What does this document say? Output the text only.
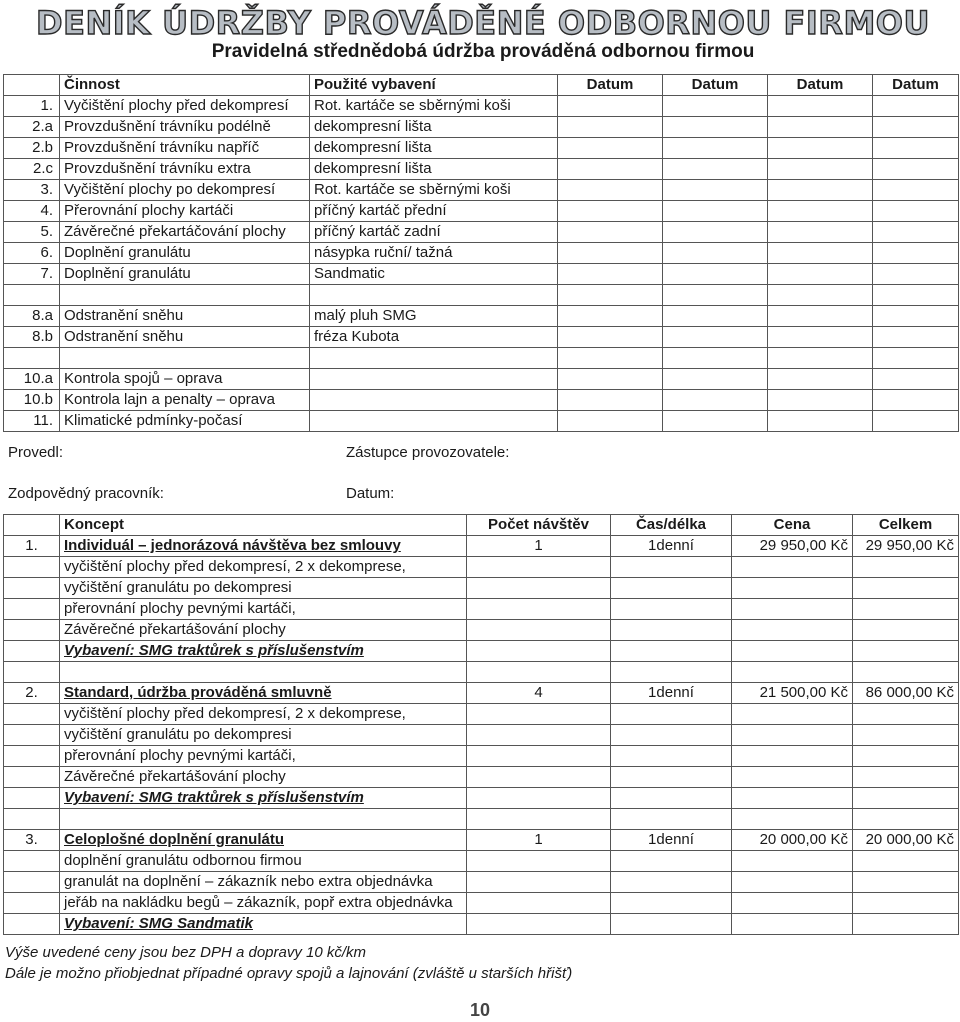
DENÍK ÚDRŽBY PROVÁDĚNÉ ODBORNOU FIRMOU
Pravidelná střednědobá údržba prováděná odbornou firmou
	Činnost	Použité vybavení	Datum	Datum	Datum	Datum
1.	Vyčištění plochy před dekompresí	Rot. kartáče se sběrnými koši				
2.a	Provzdušnění trávníku podélně	dekompresní lišta				
2.b	Provzdušnění trávníku napříč	dekompresní lišta				
2.c	Provzdušnění trávníku extra	dekompresní lišta				
3.	Vyčištění plochy po dekompresí	Rot. kartáče se sběrnými koši				
4.	Přerovnání plochy kartáči	příčný kartáč přední				
5.	Závěrečné překartáčování plochy	příčný kartáč zadní				
6.	Doplnění granulátu	násypka ruční/ tažná				
7.	Doplnění granulátu	Sandmatic				

8.a	Odstranění sněhu	malý pluh SMG				
8.b	Odstranění sněhu	fréza Kubota				

10.a	Kontrola spojů – oprava					
10.b	Kontrola lajn a penalty – oprava					
11.	Klimatické pdmínky-počasí					
Provedl:	Zástupce provozovatele:
Zodpovědný pracovník:	Datum:
	Koncept	Počet návštěv	Čas/délka	Cena	Celkem
1.	Individuál – jednorázová návštěva bez smlouvy	1	1denní	29 950,00 Kč	29 950,00 Kč
	vyčištění plochy před dekompresí, 2 x dekomprese,				
	vyčištění granulátu po dekompresi				
	přerovnání plochy pevnými kartáči,				
	Závěrečné překartášování plochy				
	Vybavení: SMG traktůrek s příslušenstvím				

2.	Standard, údržba prováděná smluvně	4	1denní	21 500,00 Kč	86 000,00 Kč
	vyčištění plochy před dekompresí, 2 x dekomprese,				
	vyčištění granulátu po dekompresi				
	přerovnání plochy pevnými kartáči,				
	Závěrečné překartášování plochy				
	Vybavení: SMG traktůrek s příslušenstvím				

3.	Celoplošné doplnění granulátu	1	1denní	20 000,00 Kč	20 000,00 Kč
	doplnění granulátu odbornou firmou				
	granulát na doplnění – zákazník nebo extra objednávka				
	jeřáb na nakládku begů – zákazník, popř extra objednávka				
	Vybavení: SMG Sandmatik				
Výše uvedené ceny jsou bez DPH a dopravy 10 kč/km
Dále je možno přiobjednat případné opravy spojů a lajnování (zvláště u starších hřišť)
10
